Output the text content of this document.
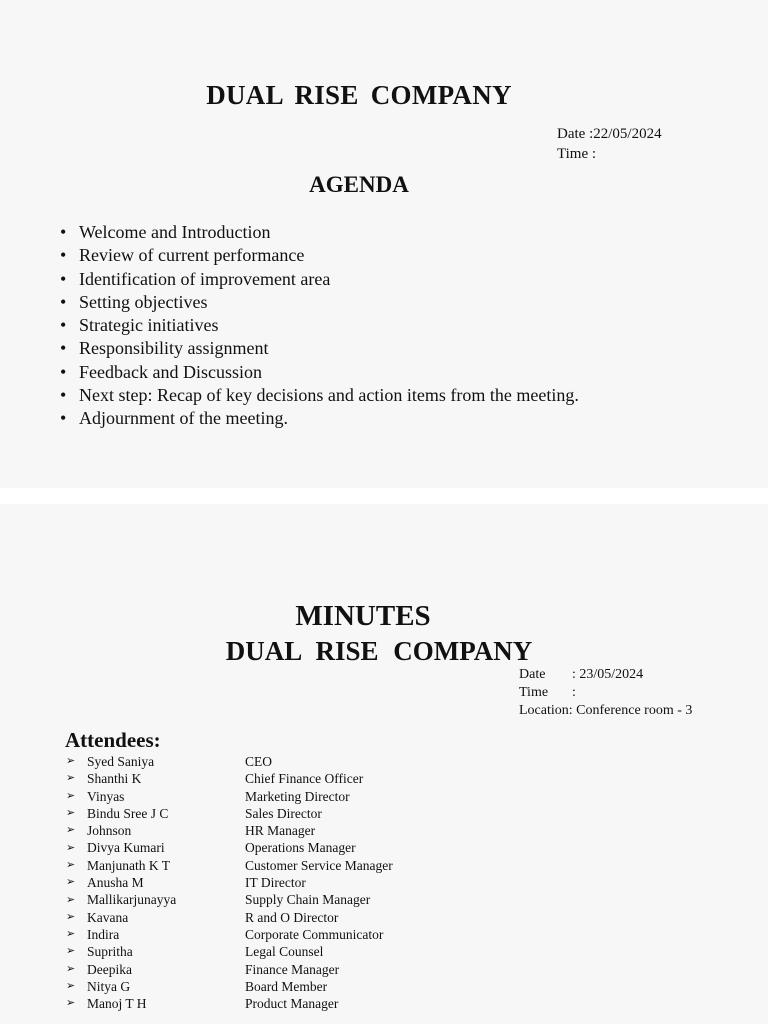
DUAL RISE COMPANY
Date :22/05/2024
Time :
AGENDA
• Welcome and Introduction
• Review of current performance
• Identification of improvement area
• Setting objectives
• Strategic initiatives
• Responsibility assignment
• Feedback and Discussion
• Next step: Recap of key decisions and action items from the meeting.
• Adjournment of the meeting.
MINUTES
DUAL RISE COMPANY
Date : 23/05/2024
Time :
Location: Conference room - 3
Attendees:
➢ Syed Saniya	CEO
➢ Shanthi K	Chief Finance Officer
➢ Vinyas	Marketing Director
➢ Bindu Sree J C	Sales Director
➢ Johnson	HR Manager
➢ Divya Kumari	Operations Manager
➢ Manjunath K T	Customer Service Manager
➢ Anusha M	IT Director
➢ Mallikarjunayya	Supply Chain Manager
➢ Kavana	R and O Director
➢ Indira	Corporate Communicator
➢ Supritha	Legal Counsel
➢ Deepika	Finance Manager
➢ Nitya G	Board Member
➢ Manoj T H	Product Manager
